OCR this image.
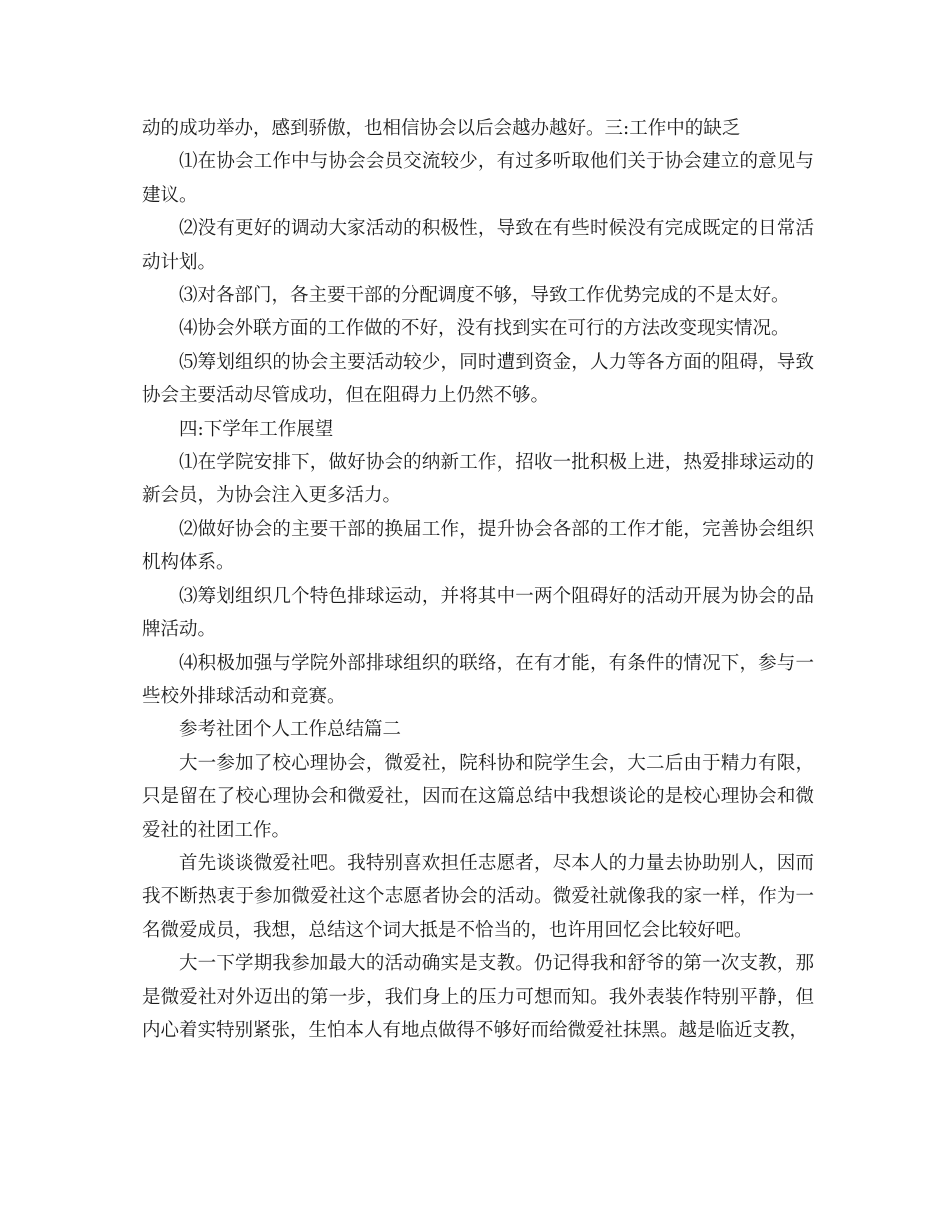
动的成功举办，感到骄傲，也相信协会以后会越办越好。三:工作中的缺乏

⑴在协会工作中与协会会员交流较少，有过多听取他们关于协会建立的意见与建议。

⑵没有更好的调动大家活动的积极性，导致在有些时候没有完成既定的日常活动计划。

⑶对各部门，各主要干部的分配调度不够，导致工作优势完成的不是太好。

⑷协会外联方面的工作做的不好，没有找到实在可行的方法改变现实情况。

⑸筹划组织的协会主要活动较少，同时遭到资金，人力等各方面的阻碍，导致协会主要活动尽管成功，但在阻碍力上仍然不够。

四:下学年工作展望

⑴在学院安排下，做好协会的纳新工作，招收一批积极上进，热爱排球运动的新会员，为协会注入更多活力。

⑵做好协会的主要干部的换届工作，提升协会各部的工作才能，完善协会组织机构体系。

⑶筹划组织几个特色排球运动，并将其中一两个阻碍好的活动开展为协会的品牌活动。

⑷积极加强与学院外部排球组织的联络，在有才能，有条件的情况下，参与一些校外排球活动和竞赛。

参考社团个人工作总结篇二

大一参加了校心理协会，微爱社，院科协和院学生会，大二后由于精力有限，只是留在了校心理协会和微爱社，因而在这篇总结中我想谈论的是校心理协会和微爱社的社团工作。

首先谈谈微爱社吧。我特别喜欢担任志愿者，尽本人的力量去协助别人，因而我不断热衷于参加微爱社这个志愿者协会的活动。微爱社就像我的家一样，作为一名微爱成员，我想，总结这个词大抵是不恰当的，也许用回忆会比较好吧。

大一下学期我参加最大的活动确实是支教。仍记得我和舒爷的第一次支教，那是微爱社对外迈出的第一步，我们身上的压力可想而知。我外表装作特别平静，但内心着实特别紧张，生怕本人有地点做得不够好而给微爱社抹黑。越是临近支教，
